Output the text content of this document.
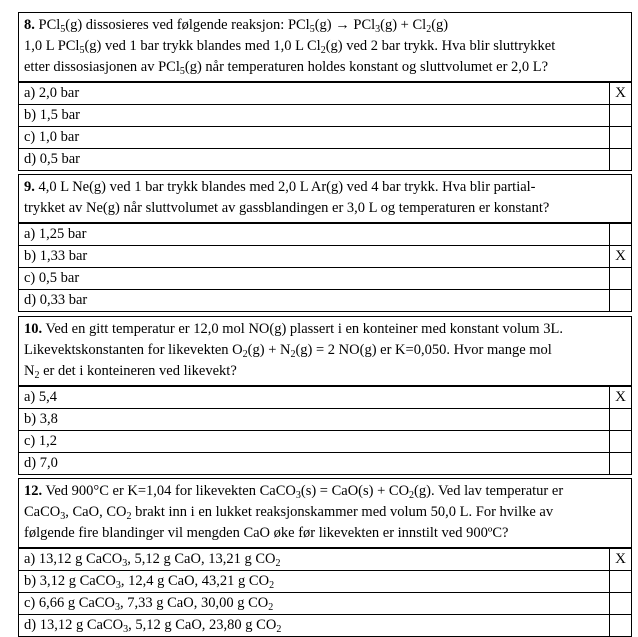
8. PCl$_5$(g) dissosieres ved følgende reaksjon: $PCl_5(g) \to PCl_3(g) + Cl_2(g)$
1,0 L PCl$_5$(g) ved 1 bar trykk blandes med 1,0 L $Cl_2(g)$ ved 2 bar trykk. Hva blir sluttrykket
etter dissosiasjonen av PCl$_5$(g) når temperaturen holdes konstant og sluttvolumet er 2,0 L?
a) 2,0 bar	X
b) 1,5 bar
c) 1,0 bar
d) 0,5 bar
9. 4,0 L Ne(g) ved 1 bar trykk blandes med 2,0 L Ar(g) ved 4 bar trykk. Hva blir partial-
trykket av Ne(g) når sluttvolumet av gassblandingen er 3,0 L og temperaturen er konstant?
a) 1,25 bar
b) 1,33 bar	X
c) 0,5 bar
d) 0,33 bar
10. Ved en gitt temperatur er 12,0 mol NO(g) plassert i en konteiner med konstant volum 3L.
Likevektskonstanten for likevekten $O_2(g) + N_2(g) = 2$ NO(g) er K=0,050. Hvor mange mol
$N_2$ er det i konteineren ved likevekt?
a) 5,4	X
b) 3,8
c) 1,2
d) 7,0
12. Ved 900°C er K=1,04 for likevekten CaCO$_3$(s) = $CaO(s) + CO_2(g)$. Ved lav temperatur er
CaCO$_3$, CaO, $CO_2$ brakt inn i en lukket reaksjonskammer med volum 50,0 L. For hvilke av
følgende fire blandinger vil mengden CaO øke før likevekten er innstilt ved 900ºC?
a) 13,12 g CaCO$_3$, 5,12 g CaO, 13,21 g $CO_2$	X
b) 3,12 g CaCO$_3$, 12,4 g CaO, 43,21 g $CO_2$
c) 6,66 g CaCO$_3$, 7,33 g CaO, 30,00 g $CO_2$
d) 13,12 g CaCO$_3$, 5,12 g CaO, 23,80 g $CO_2$
